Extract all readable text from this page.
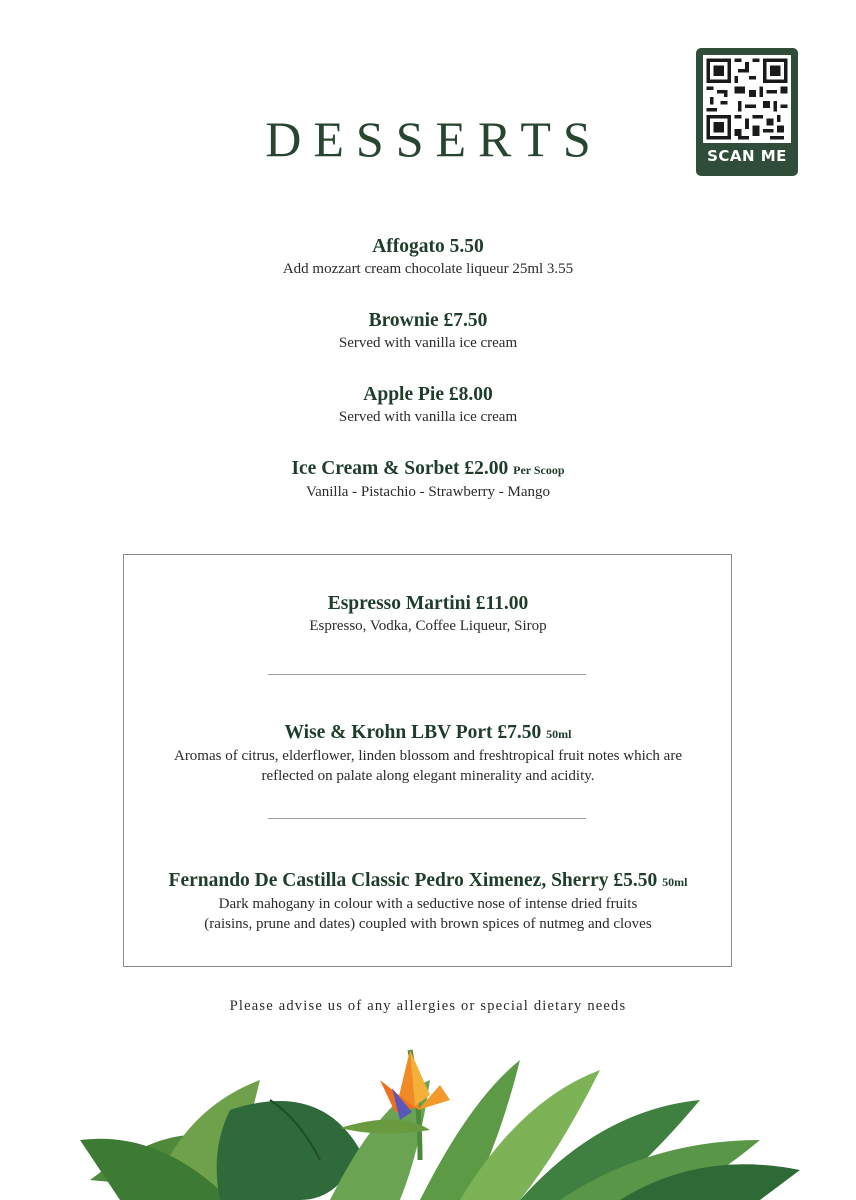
DESSERTS	SCAN ME
Affogato 5.50
Add mozzart cream chocolate liqueur 25ml 3.55
Brownie £7.50
Served with vanilla ice cream
Apple Pie £8.00
Served with vanilla ice cream
Ice Cream & Sorbet £2.00 Per Scoop
Vanilla - Pistachio - Strawberry - Mango
Espresso Martini £11.00
Espresso, Vodka, Coffee Liqueur, Sirop
Wise & Krohn LBV Port £7.50 50ml
Aromas of citrus, elderflower, linden blossom and freshtropical fruit notes which are
reflected on palate along elegant minerality and acidity.
Fernando De Castilla Classic Pedro Ximenez, Sherry £5.50 50ml
Dark mahogany in colour with a seductive nose of intense dried fruits
(raisins, prune and dates) coupled with brown spices of nutmeg and cloves
Please advise us of any allergies or special dietary needs
